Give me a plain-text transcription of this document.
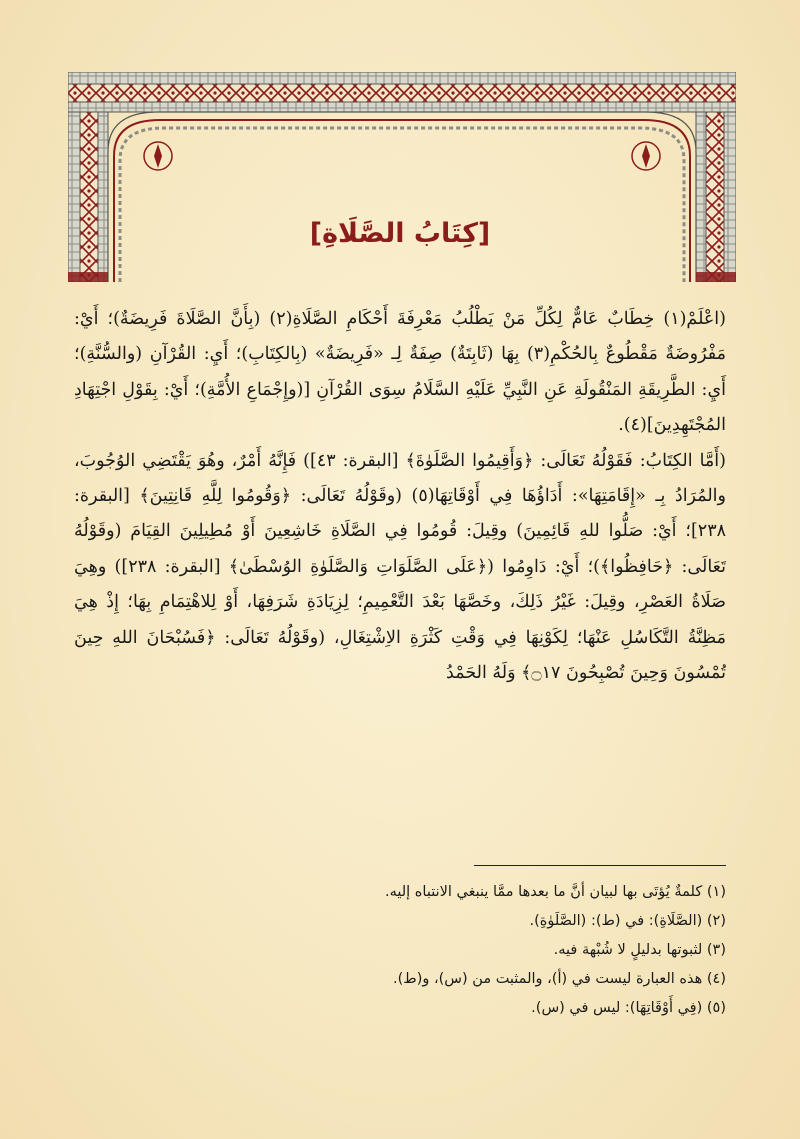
[كِتَابُ الصَّلَاةِ]

(اعْلَمْ(١) خِطَابٌ عَامٌّ لِكُلِّ مَنْ يَطْلُبُ مَعْرِفَةَ أَحْكَامِ الصَّلَاةِ(٢) (بِأَنَّ الصَّلَاةَ فَرِيضَةٌ)؛ أَيْ: مَفْرُوضَةٌ مَقْطُوعٌ بِالحُكْمِ(٣) بِهَا (ثَابِتَةٌ) صِفَةٌ لِـ «فَرِيضَةٌ» (بِالكِتَابِ)؛ أَيِ: القُرْآنِ (والسُّنَّةِ)؛ أَيِ: الطَّرِيقَةِ المَنْقُولَةِ عَنِ النَّبِيِّ عَلَيْهِ السَّلَامُ سِوَى القُرْآنِ [(وإِجْمَاعِ الأُمَّةِ)؛ أَيْ: بِقَوْلِ اجْتِهَادِ المُجْتَهِدِينَ](٤).

(أَمَّا الكِتَابُ: فَقَوْلُهُ تَعَالَى: ﴿وَأَقِيمُوا الصَّلَوٰةَ﴾ [البقرة: ٤٣]) فَإِنَّهُ أَمْرٌ، وهُوَ يَقْتَضِي الوُجُوبَ، والمُرَادُ بِـ «إِقَامَتِهَا»: أَدَاؤُهَا فِي أَوْقَاتِهَا(٥) (وقَوْلُهُ تَعَالَى: ﴿وَقُومُوا لِلَّهِ قَانِتِينَ﴾ [البقرة: ٢٣٨]؛ أَيْ: صَلُّوا للهِ قَائِمِينَ) وقِيلَ: قُومُوا فِي الصَّلَاةِ خَاشِعِينَ أَوْ مُطِيلِينَ القِيَامَ (وقَوْلُهُ تَعَالَى: ﴿حَافِظُوا﴾)؛ أَيْ: دَاوِمُوا (﴿عَلَى الصَّلَوَاتِ وَالصَّلَوٰةِ الوُسْطَىٰ﴾ [البقرة: ٢٣٨]) وهِيَ صَلَاةُ العَصْرِ، وقِيلَ: غَيْرُ ذَلِكَ، وخَصَّهَا بَعْدَ التَّعْمِيمِ؛ لِزِيَادَةِ شَرَفِهَا، أَوْ لِلاهْتِمَامِ بِهَا؛ إِذْ هِيَ مَظِنَّةُ التَّكَاسُلِ عَنْهَا؛ لِكَوْنِهَا فِي وَقْتِ كَثْرَةِ الاِشْتِغَالِ، (وقَوْلُهُ تَعَالَى: ﴿فَسُبْحَانَ اللهِ حِينَ تُمْسُونَ وَحِينَ تُصْبِحُونَ ۝١٧﴾ وَلَهُ الحَمْدُ

(١) كلمةٌ يُؤتَى بها لبيان أنَّ ما بعدها ممَّا ينبغي الانتباه إليه.
(٢) (الصَّلَاةِ): في (ط): (الصَّلَوٰةِ).
(٣) لثبوتها بدليلٍ لا شُبْهة فيه.
(٤) هذه العبارة ليست في (أ)، والمثبت من (س)، و(ط).
(٥) (فِي أَوْقَاتِهَا): ليس في (س).
